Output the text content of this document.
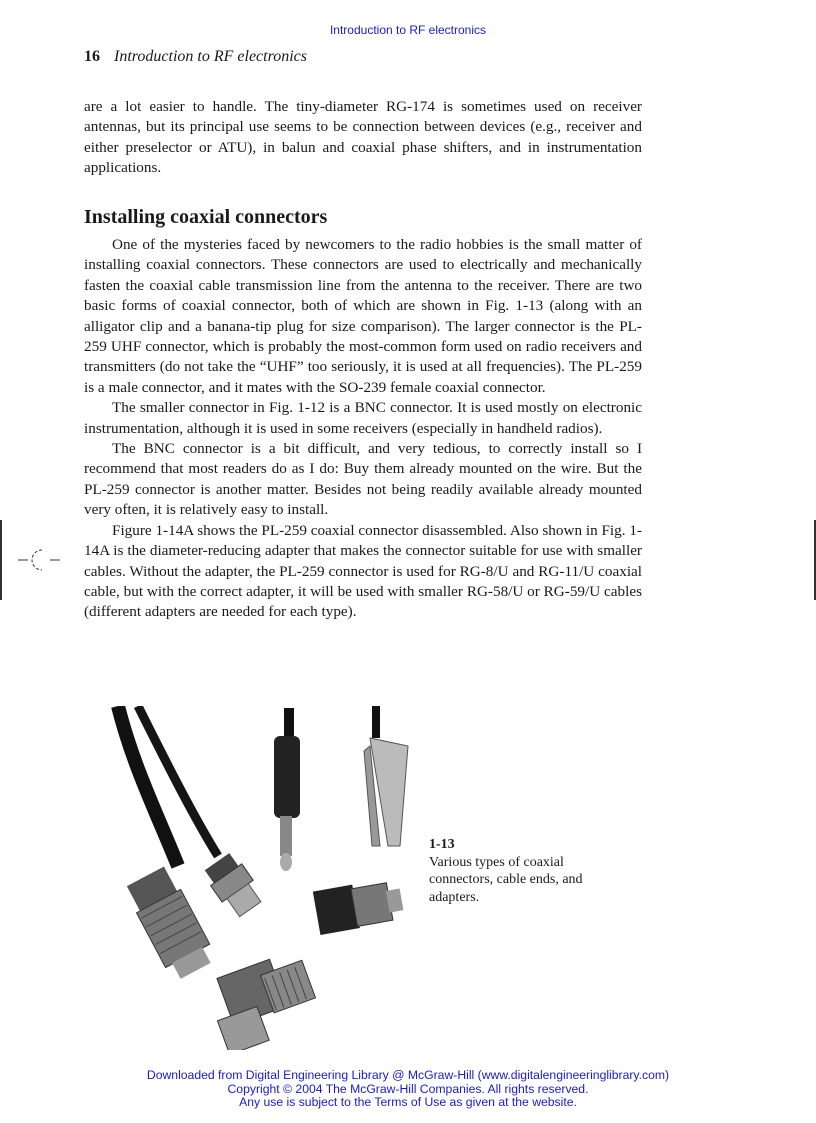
Introduction to RF electronics
16 Introduction to RF electronics

are a lot easier to handle. The tiny-diameter RG-174 is sometimes used on receiver antennas, but its principal use seems to be connection between devices (e.g., receiver and either preselector or ATU), in balun and coaxial phase shifters, and in instrumentation applications.

Installing coaxial connectors

One of the mysteries faced by newcomers to the radio hobbies is the small matter of installing coaxial connectors. These connectors are used to electrically and mechanically fasten the coaxial cable transmission line from the antenna to the receiver. There are two basic forms of coaxial connector, both of which are shown in Fig. 1-13 (along with an alligator clip and a banana-tip plug for size comparison). The larger connector is the PL-259 UHF connector, which is probably the most-common form used on radio receivers and transmitters (do not take the “UHF” too seriously, it is used at all frequencies). The PL-259 is a male connector, and it mates with the SO-239 female coaxial connector.

The smaller connector in Fig. 1-12 is a BNC connector. It is used mostly on electronic instrumentation, although it is used in some receivers (especially in handheld radios).

The BNC connector is a bit difficult, and very tedious, to correctly install so I recommend that most readers do as I do: Buy them already mounted on the wire. But the PL-259 connector is another matter. Besides not being readily available already mounted very often, it is relatively easy to install.

Figure 1-14A shows the PL-259 coaxial connector disassembled. Also shown in Fig. 1-14A is the diameter-reducing adapter that makes the connector suitable for use with smaller cables. Without the adapter, the PL-259 connector is used for RG-8/U and RG-11/U coaxial cable, but with the correct adapter, it will be used with smaller RG-58/U or RG-59/U cables (different adapters are needed for each type).

1-13
Various types of coaxial connectors, cable ends, and adapters.
Downloaded from Digital Engineering Library @ McGraw-Hill (www.digitalengineeringlibrary.com)
Copyright © 2004 The McGraw-Hill Companies. All rights reserved.
Any use is subject to the Terms of Use as given at the website.
